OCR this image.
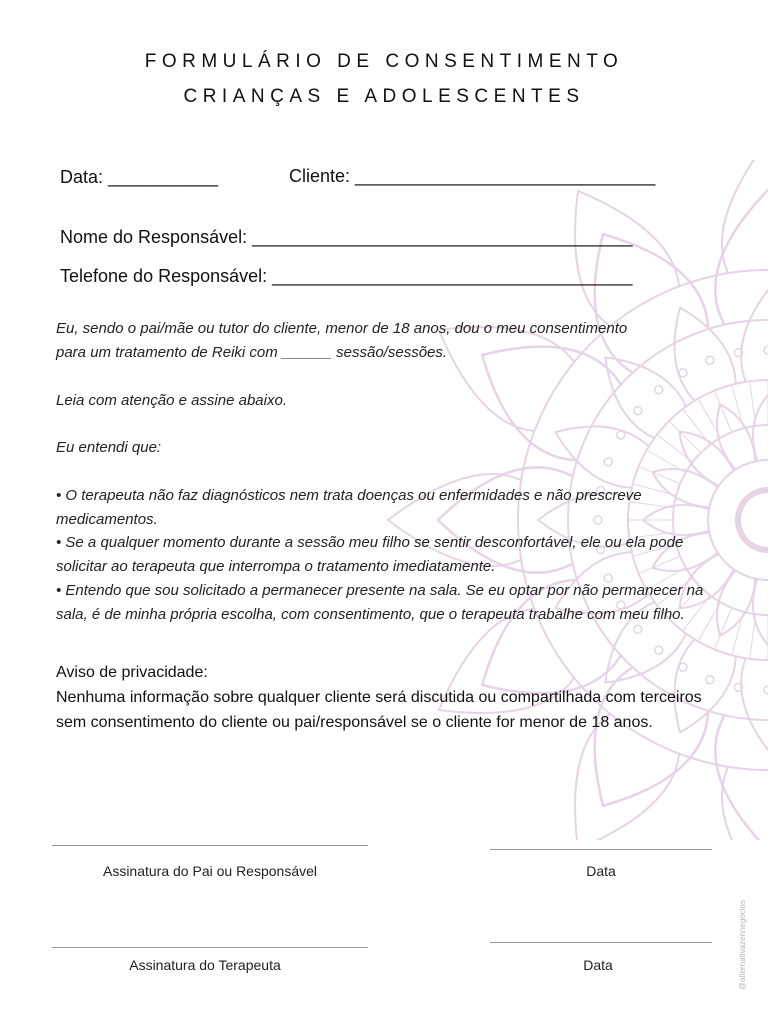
FORMULÁRIO DE CONSENTIMENTO
CRIANÇAS E ADOLESCENTES
Data: ___________	Cliente: ______________________________
Nome do Responsável: ______________________________________
Telefone do Responsável: ____________________________________
Eu, sendo o pai/mãe ou tutor do cliente, menor de 18 anos, dou o meu consentimento para um tratamento de Reiki com ______ sessão/sessões.
Leia com atenção e assine abaixo.
Eu entendi que:
• O terapeuta não faz diagnósticos nem trata doenças ou enfermidades e não prescreve medicamentos.
• Se a qualquer momento durante a sessão meu filho se sentir desconfortável, ele ou ela pode solicitar ao terapeuta que interrompa o tratamento imediatamente.
• Entendo que sou solicitado a permanecer presente na sala. Se eu optar por não permanecer na sala, é de minha própria escolha, com consentimento, que o terapeuta trabalhe com meu filho.
Aviso de privacidade:
Nenhuma informação sobre qualquer cliente será discutida ou compartilhada com terceiros sem consentimento do cliente ou pai/responsável se o cliente for menor de 18 anos.
Assinatura do Pai ou Responsável	Data
Assinatura do Terapeuta	Data	@alternativazennegocios
